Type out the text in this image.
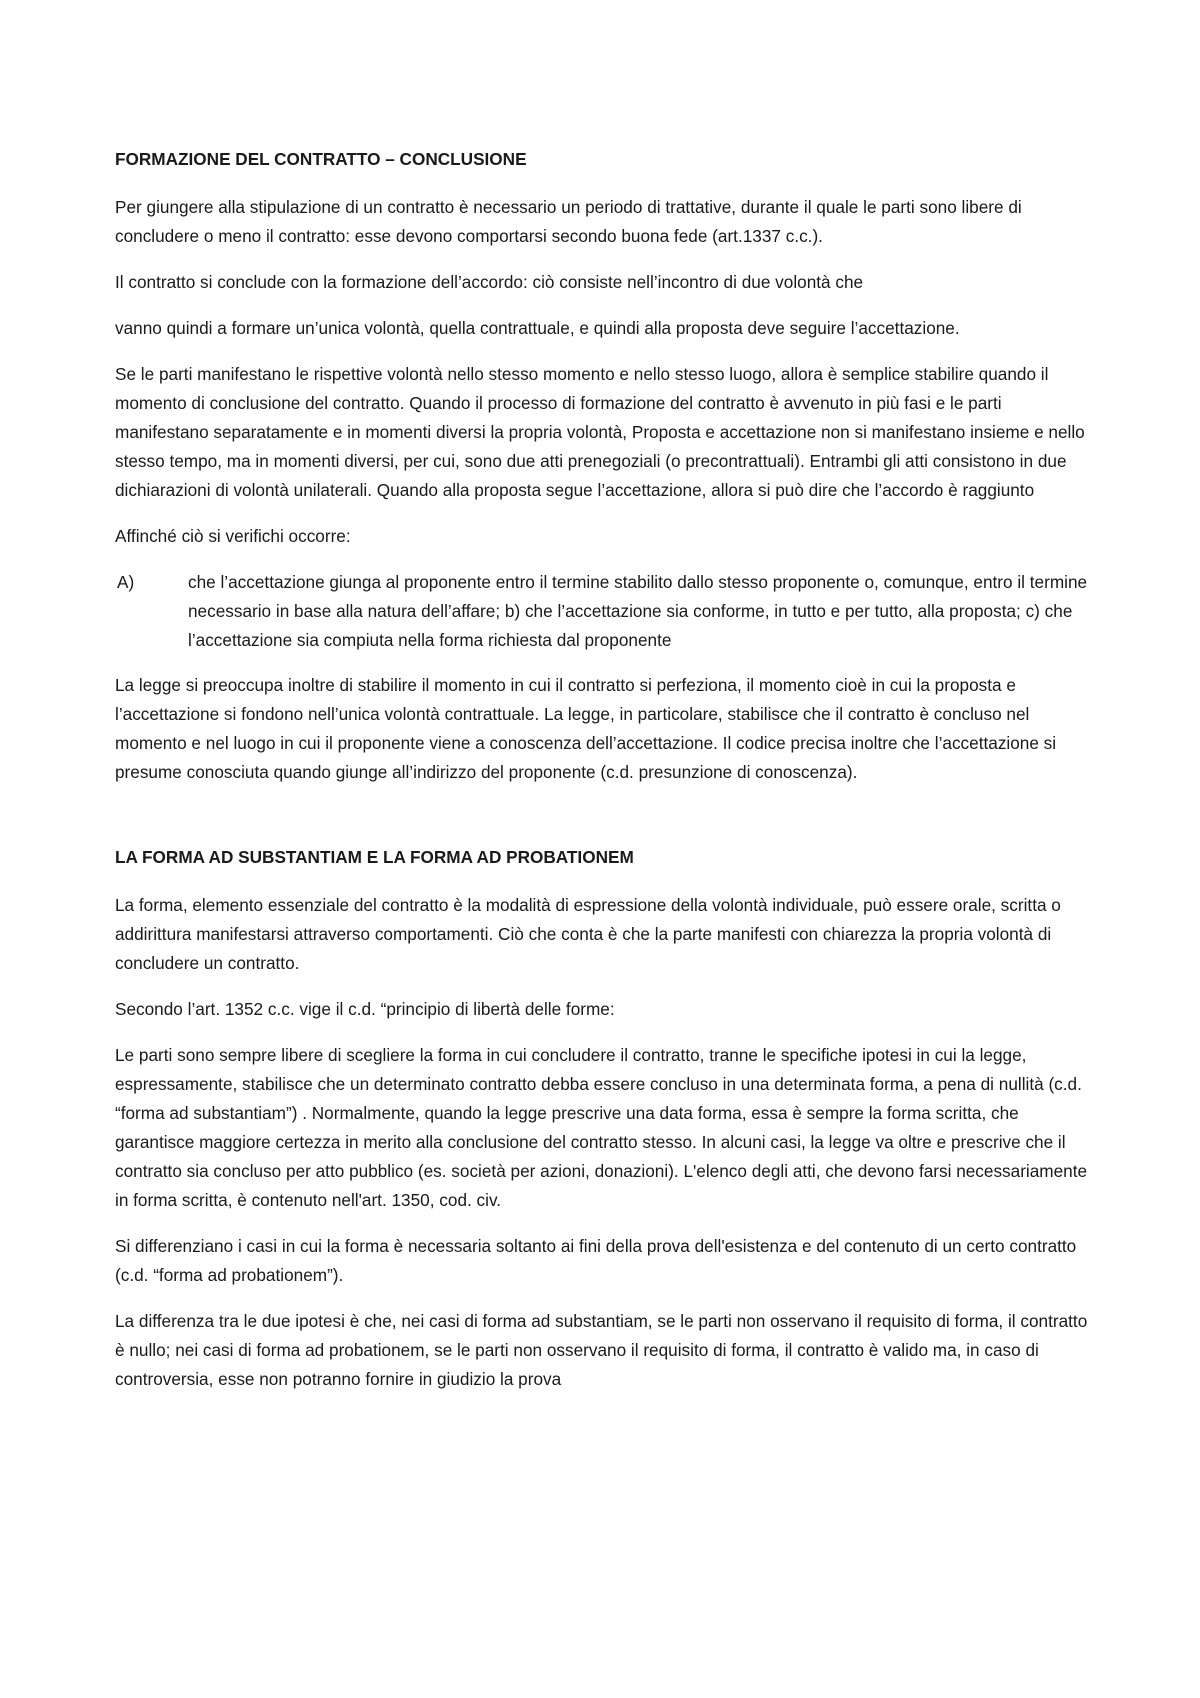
FORMAZIONE DEL CONTRATTO – CONCLUSIONE

Per giungere alla stipulazione di un contratto è necessario un periodo di trattative, durante il quale le parti sono libere di concludere o meno il contratto: esse devono comportarsi secondo buona fede (art.1337 c.c.).

Il contratto si conclude con la formazione dell’accordo: ciò consiste nell’incontro di due volontà che

vanno quindi a formare un’unica volontà, quella contrattuale, e quindi alla proposta deve seguire l’accettazione.

Se le parti manifestano le rispettive volontà nello stesso momento e nello stesso luogo, allora è semplice stabilire quando il momento di conclusione del contratto. Quando il processo di formazione del contratto è avvenuto in più fasi e le parti manifestano separatamente e in momenti diversi la propria volontà, Proposta e accettazione non si manifestano insieme e nello stesso tempo, ma in momenti diversi, per cui, sono due atti prenegoziali (o precontrattuali). Entrambi gli atti consistono in due dichiarazioni di volontà unilaterali. Quando alla proposta segue l’accettazione, allora si può dire che l’accordo è raggiunto

Affinché ciò si verifichi occorre:

A)	che l’accettazione giunga al proponente entro il termine stabilito dallo stesso proponente o, comunque, entro il termine necessario in base alla natura dell’affare; b) che l’accettazione sia conforme, in tutto e per tutto, alla proposta; c) che l’accettazione sia compiuta nella forma richiesta dal proponente

La legge si preoccupa inoltre di stabilire il momento in cui il contratto si perfeziona, il momento cioè in cui la proposta e l’accettazione si fondono nell’unica volontà contrattuale. La legge, in particolare, stabilisce che il contratto è concluso nel momento e nel luogo in cui il proponente viene a conoscenza dell’accettazione. Il codice precisa inoltre che l’accettazione si presume conosciuta quando giunge all’indirizzo del proponente (c.d. presunzione di conoscenza).

LA FORMA AD SUBSTANTIAM E LA FORMA AD PROBATIONEM

La forma, elemento essenziale del contratto è la modalità di espressione della volontà individuale, può essere orale, scritta o addirittura manifestarsi attraverso comportamenti. Ciò che conta è che la parte manifesti con chiarezza la propria volontà di concludere un contratto.

Secondo l’art. 1352 c.c. vige il c.d. “principio di libertà delle forme:

Le parti sono sempre libere di scegliere la forma in cui concludere il contratto, tranne le specifiche ipotesi in cui la legge, espressamente, stabilisce che un determinato contratto debba essere concluso in una determinata forma, a pena di nullità (c.d. “forma ad substantiam”) . Normalmente, quando la legge prescrive una data forma, essa è sempre la forma scritta, che garantisce maggiore certezza in merito alla conclusione del contratto stesso. In alcuni casi, la legge va oltre e prescrive che il contratto sia concluso per atto pubblico (es. società per azioni, donazioni). L'elenco degli atti, che devono farsi necessariamente in forma scritta, è contenuto nell'art. 1350, cod. civ.

Si differenziano i casi in cui la forma è necessaria soltanto ai fini della prova dell'esistenza e del contenuto di un certo contratto (c.d. “forma ad probationem”).

La differenza tra le due ipotesi è che, nei casi di forma ad substantiam, se le parti non osservano il requisito di forma, il contratto è nullo; nei casi di forma ad probationem, se le parti non osservano il requisito di forma, il contratto è valido ma, in caso di controversia, esse non potranno fornire in giudizio la prova
